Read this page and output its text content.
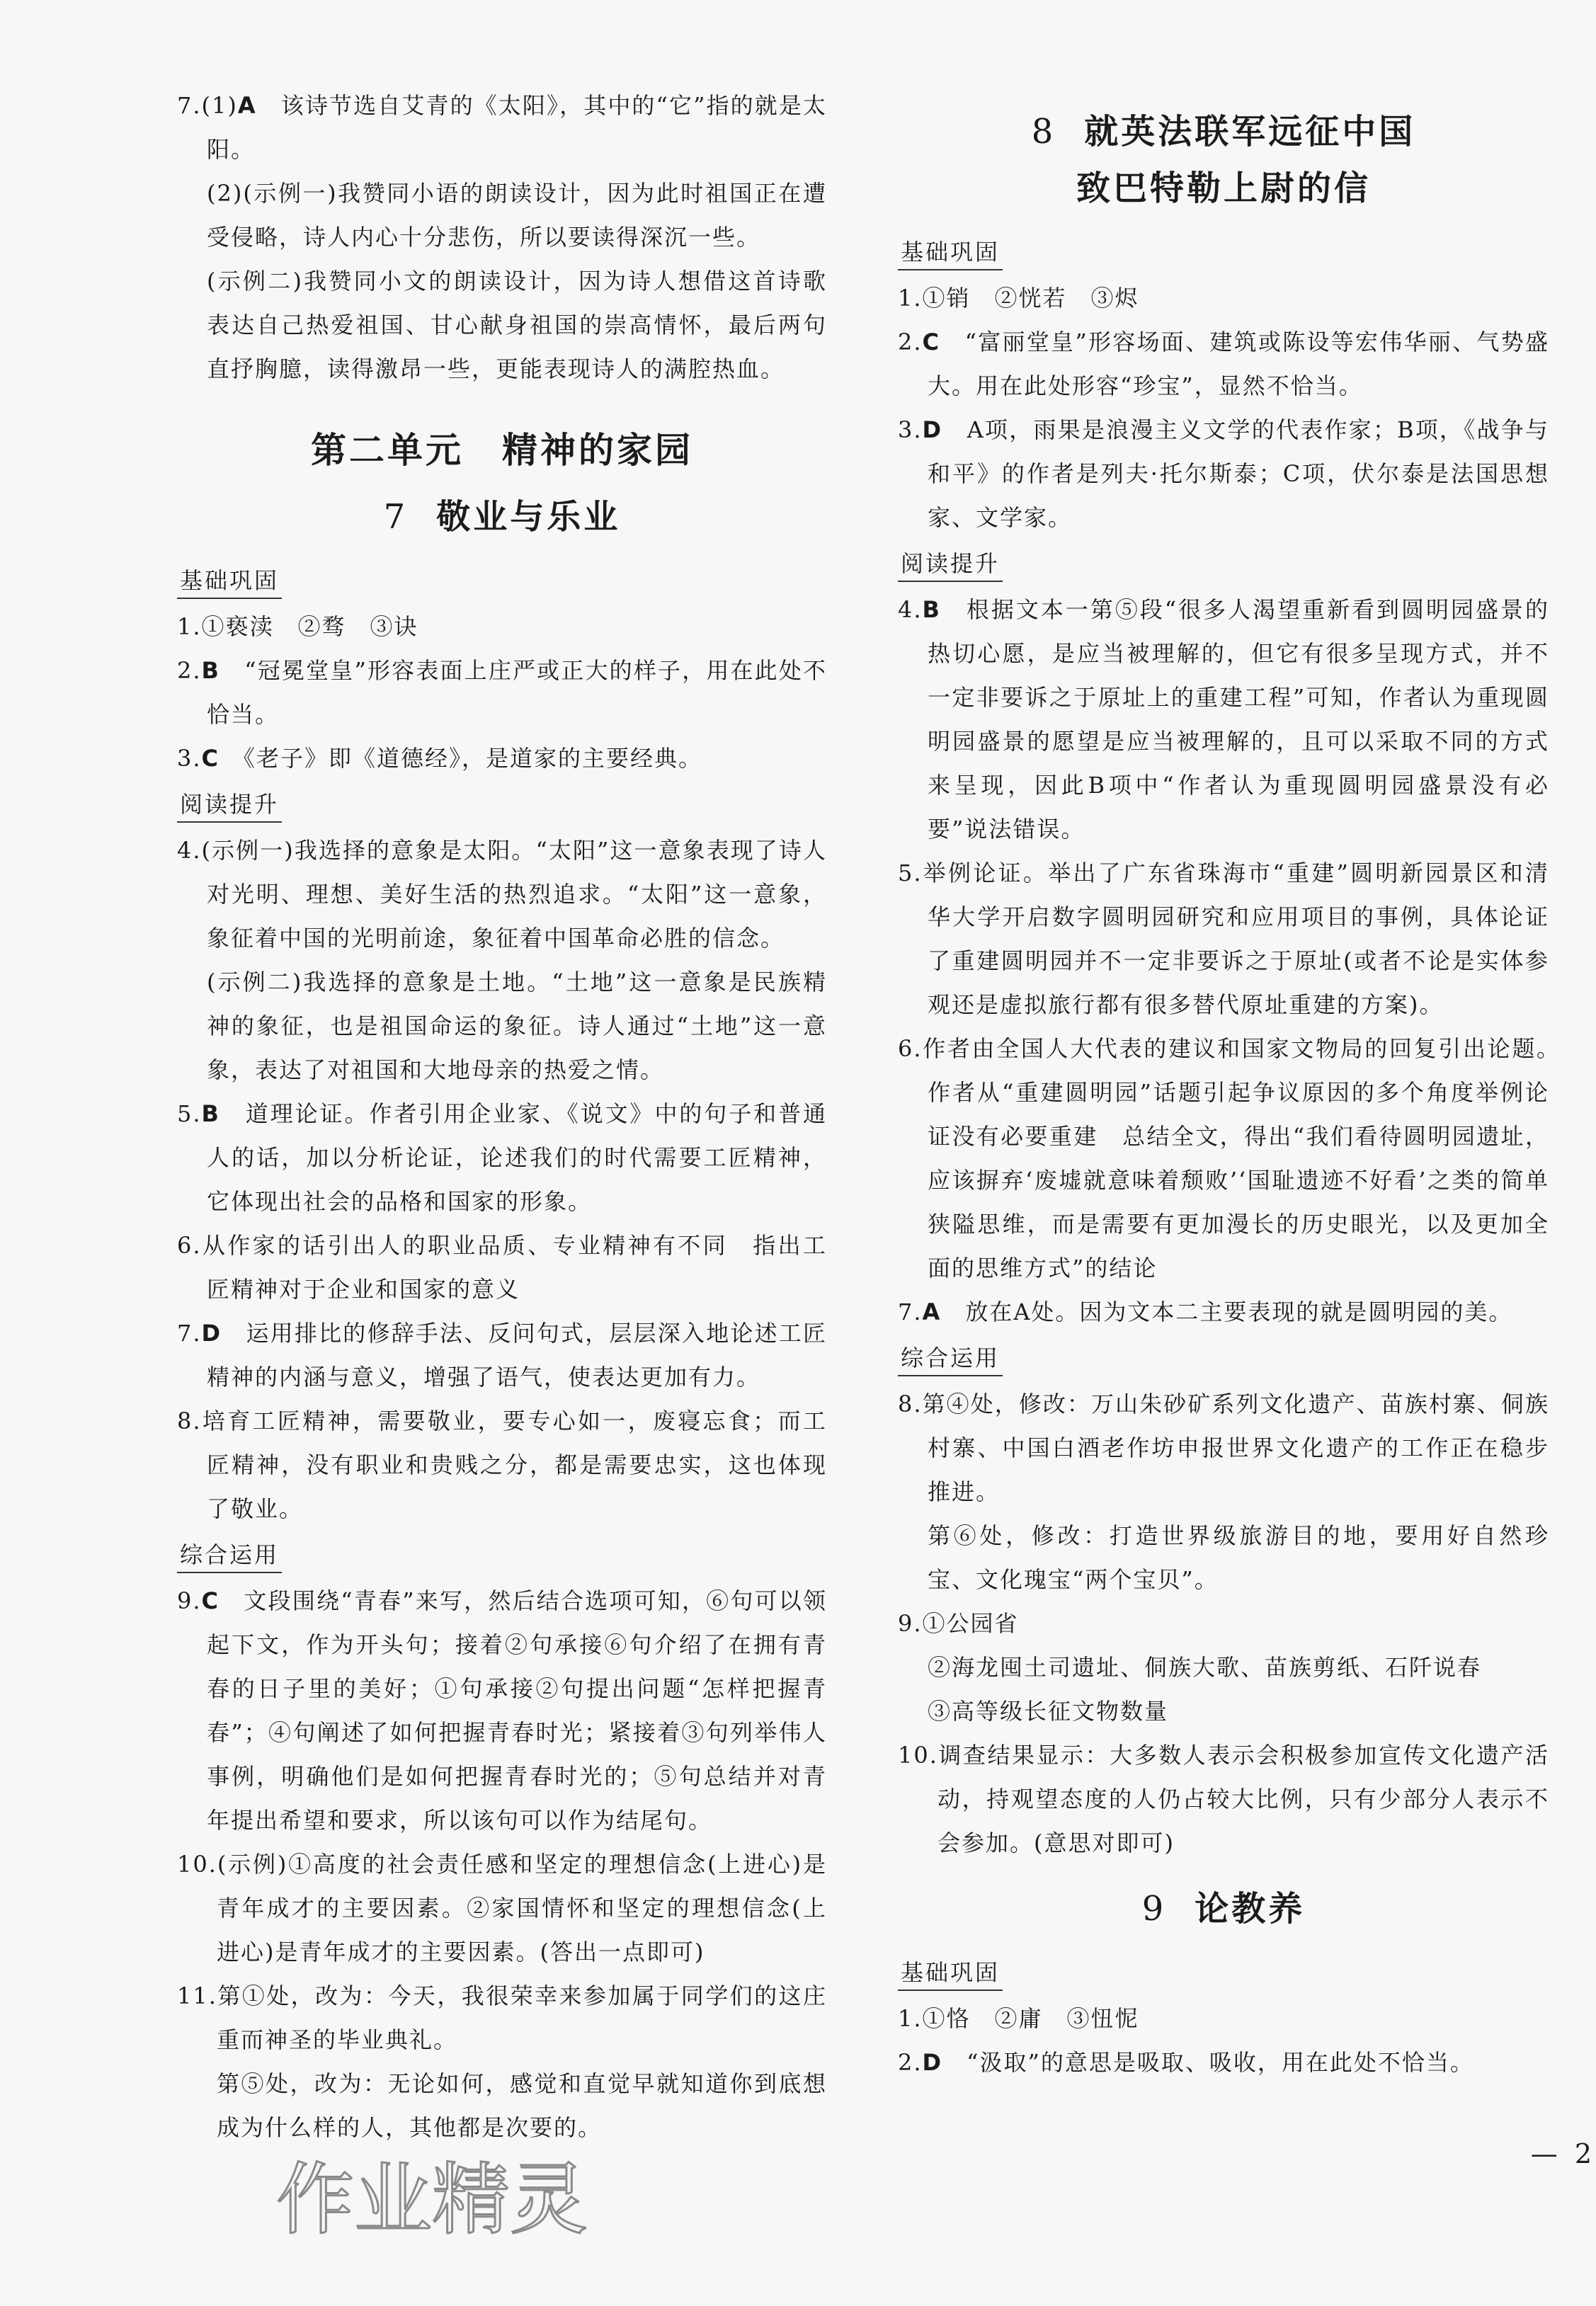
7.(1)A　 该诗节选自艾青的《太阳》，其中的“它”指的就是太阳。

(2)(示例一)我赞同小语的朗读设计，因为此时祖国正在遭受侵略，诗人内心十分悲伤，所以要读得深沉一些。

(示例二)我赞同小文的朗读设计，因为诗人想借这首诗歌表达自己热爱祖国、甘心献身祖国的崇高情怀，最后两句直抒胸臆，读得激昂一些，更能表现诗人的满腔热血。

第二单元　精神的家园
7 敬业与乐业
基础巩固

1.①亵渎　②骛　③诀

2.B　 “冠冕堂皇”形容表面上庄严或正大的样子，用在此处不恰当。

3.C　 《老子》即《道德经》，是道家的主要经典。

阅读提升

4.(示例一)我选择的意象是太阳。“太阳”这一意象表现了诗人对光明、理想、美好生活的热烈追求。“太阳”这一意象，象征着中国的光明前途，象征着中国革命必胜的信念。

(示例二)我选择的意象是土地。“土地”这一意象是民族精神的象征，也是祖国命运的象征。诗人通过“土地”这一意象，表达了对祖国和大地母亲的热爱之情。

5.B　 道理论证。作者引用企业家、《说文》中的句子和普通人的话，加以分析论证，论述我们的时代需要工匠精神，它体现出社会的品格和国家的形象。

6.从作家的话引出人的职业品质、专业精神有不同　指出工匠精神对于企业和国家的意义

7.D　 运用排比的修辞手法、反问句式，层层深入地论述工匠精神的内涵与意义，增强了语气，使表达更加有力。

8.培育工匠精神，需要敬业，要专心如一，废寝忘食；而工匠精神，没有职业和贵贱之分，都是需要忠实，这也体现了敬业。

综合运用

9.C　 文段围绕“青春”来写，然后结合选项可知，⑥句可以领起下文，作为开头句；接着②句承接⑥句介绍了在拥有青春的日子里的美好；①句承接②句提出问题“怎样把握青春”；④句阐述了如何把握青春时光；紧接着③句列举伟人事例，明确他们是如何把握青春时光的；⑤句总结并对青年提出希望和要求，所以该句可以作为结尾句。

10.(示例)①高度的社会责任感和坚定的理想信念(上进心)是青年成才的主要因素。②家国情怀和坚定的理想信念(上进心)是青年成才的主要因素。(答出一点即可)

11.第①处，改为：今天，我很荣幸来参加属于同学们的这庄重而神圣的毕业典礼。

第⑤处，改为：无论如何，感觉和直觉早就知道你到底想成为什么样的人，其他都是次要的。

8 就英法联军远征中国
致巴特勒上尉的信
基础巩固

1.①销　②恍若　③烬

2.C　 “富丽堂皇”形容场面、建筑或陈设等宏伟华丽、气势盛大。用在此处形容“珍宝”，显然不恰当。

3.D　 A项，雨果是浪漫主义文学的代表作家；B项，《战争与和平》的作者是列夫·托尔斯泰；C项，伏尔泰是法国思想家、文学家。

阅读提升

4.B　 根据文本一第⑤段“很多人渴望重新看到圆明园盛景的热切心愿，是应当被理解的，但它有很多呈现方式，并不一定非要诉之于原址上的重建工程”可知，作者认为重现圆明园盛景的愿望是应当被理解的，且可以采取不同的方式来呈现，因此B项中“作者认为重现圆明园盛景没有必要”说法错误。

5.举例论证。举出了广东省珠海市“重建”圆明新园景区和清华大学开启数字圆明园研究和应用项目的事例，具体论证了重建圆明园并不一定非要诉之于原址(或者不论是实体参观还是虚拟旅行都有很多替代原址重建的方案)。

6.作者由全国人大代表的建议和国家文物局的回复引出论题。　作者从“重建圆明园”话题引起争议原因的多个角度举例论证没有必要重建　总结全文，得出“我们看待圆明园遗址，应该摒弃‘废墟就意味着颓败’‘国耻遗迹不好看’之类的简单狭隘思维，而是需要有更加漫长的历史眼光，以及更加全面的思维方式”的结论

7.A　 放在A处。因为文本二主要表现的就是圆明园的美。

综合运用

8.第④处，修改：万山朱砂矿系列文化遗产、苗族村寨、侗族村寨、中国白酒老作坊申报世界文化遗产的工作正在稳步推进。

第⑥处，修改：打造世界级旅游目的地，要用好自然珍宝、文化瑰宝“两个宝贝”。

9.①公园省

②海龙囤土司遗址、侗族大歌、苗族剪纸、石阡说春

③高等级长征文物数量

10.调查结果显示：大多数人表示会积极参加宣传文化遗产活动，持观望态度的人仍占较大比例，只有少部分人表示不会参加。(意思对即可)

9 论教养
基础巩固

1.①恪　②庸　③忸怩

2.D　 “汲取”的意思是吸取、吸收，用在此处不恰当。

— 2
作业精灵
